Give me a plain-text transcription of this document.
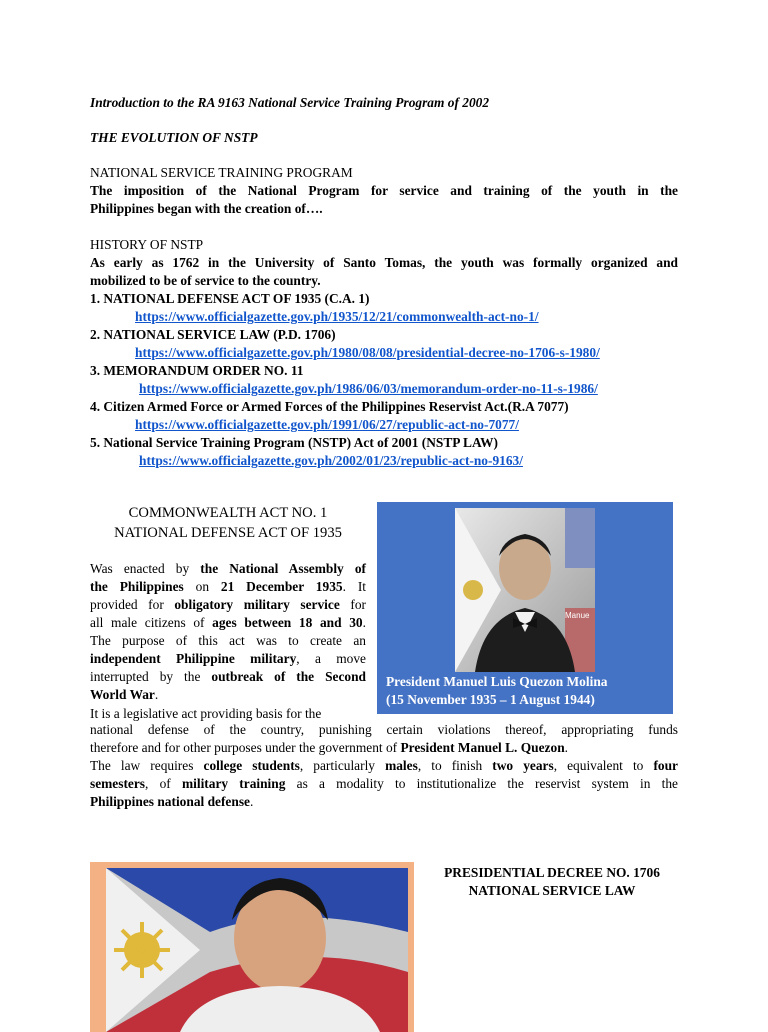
Introduction to the RA 9163 National Service Training Program of 2002
THE EVOLUTION OF NSTP
NATIONAL SERVICE TRAINING PROGRAM
The imposition of the National Program for service and training of the youth in the
Philippines began with the creation of….
HISTORY OF NSTP
As early as 1762 in the University of Santo Tomas, the youth was formally organized and
mobilized to be of service to the country.
1. NATIONAL DEFENSE ACT OF 1935 (C.A. 1)
https://www.officialgazette.gov.ph/1935/12/21/commonwealth-act-no-1/
2. NATIONAL SERVICE LAW (P.D. 1706)
https://www.officialgazette.gov.ph/1980/08/08/presidential-decree-no-1706-s-1980/
3. MEMORANDUM ORDER NO. 11
https://www.officialgazette.gov.ph/1986/06/03/memorandum-order-no-11-s-1986/
4. Citizen Armed Force or Armed Forces of the Philippines Reservist Act.(R.A 7077)
https://www.officialgazette.gov.ph/1991/06/27/republic-act-no-7077/
5. National Service Training Program (NSTP) Act of 2001 (NSTP LAW)
https://www.officialgazette.gov.ph/2002/01/23/republic-act-no-9163/
COMMONWEALTH ACT NO. 1
NATIONAL DEFENSE ACT OF 1935
Was enacted by the National Assembly of
the Philippines on 21 December 1935. It
provided for obligatory military service for
all male citizens of ages between 18 and 30.
The purpose of this act was to create an
independent Philippine military, a move
interrupted by the outbreak of the Second
World War.
Manue
President Manuel Luis Quezon Molina
(15 November 1935 – 1 August 1944)
It is a legislative act providing basis for the
national defense of the country, punishing certain violations thereof, appropriating funds
therefore and for other purposes under the government of President Manuel L. Quezon.
The law requires college students, particularly males, to finish two years, equivalent to four
semesters, of military training as a modality to institutionalize the reservist system in the
Philippines national defense.
PRESIDENTIAL DECREE NO. 1706
NATIONAL SERVICE LAW
